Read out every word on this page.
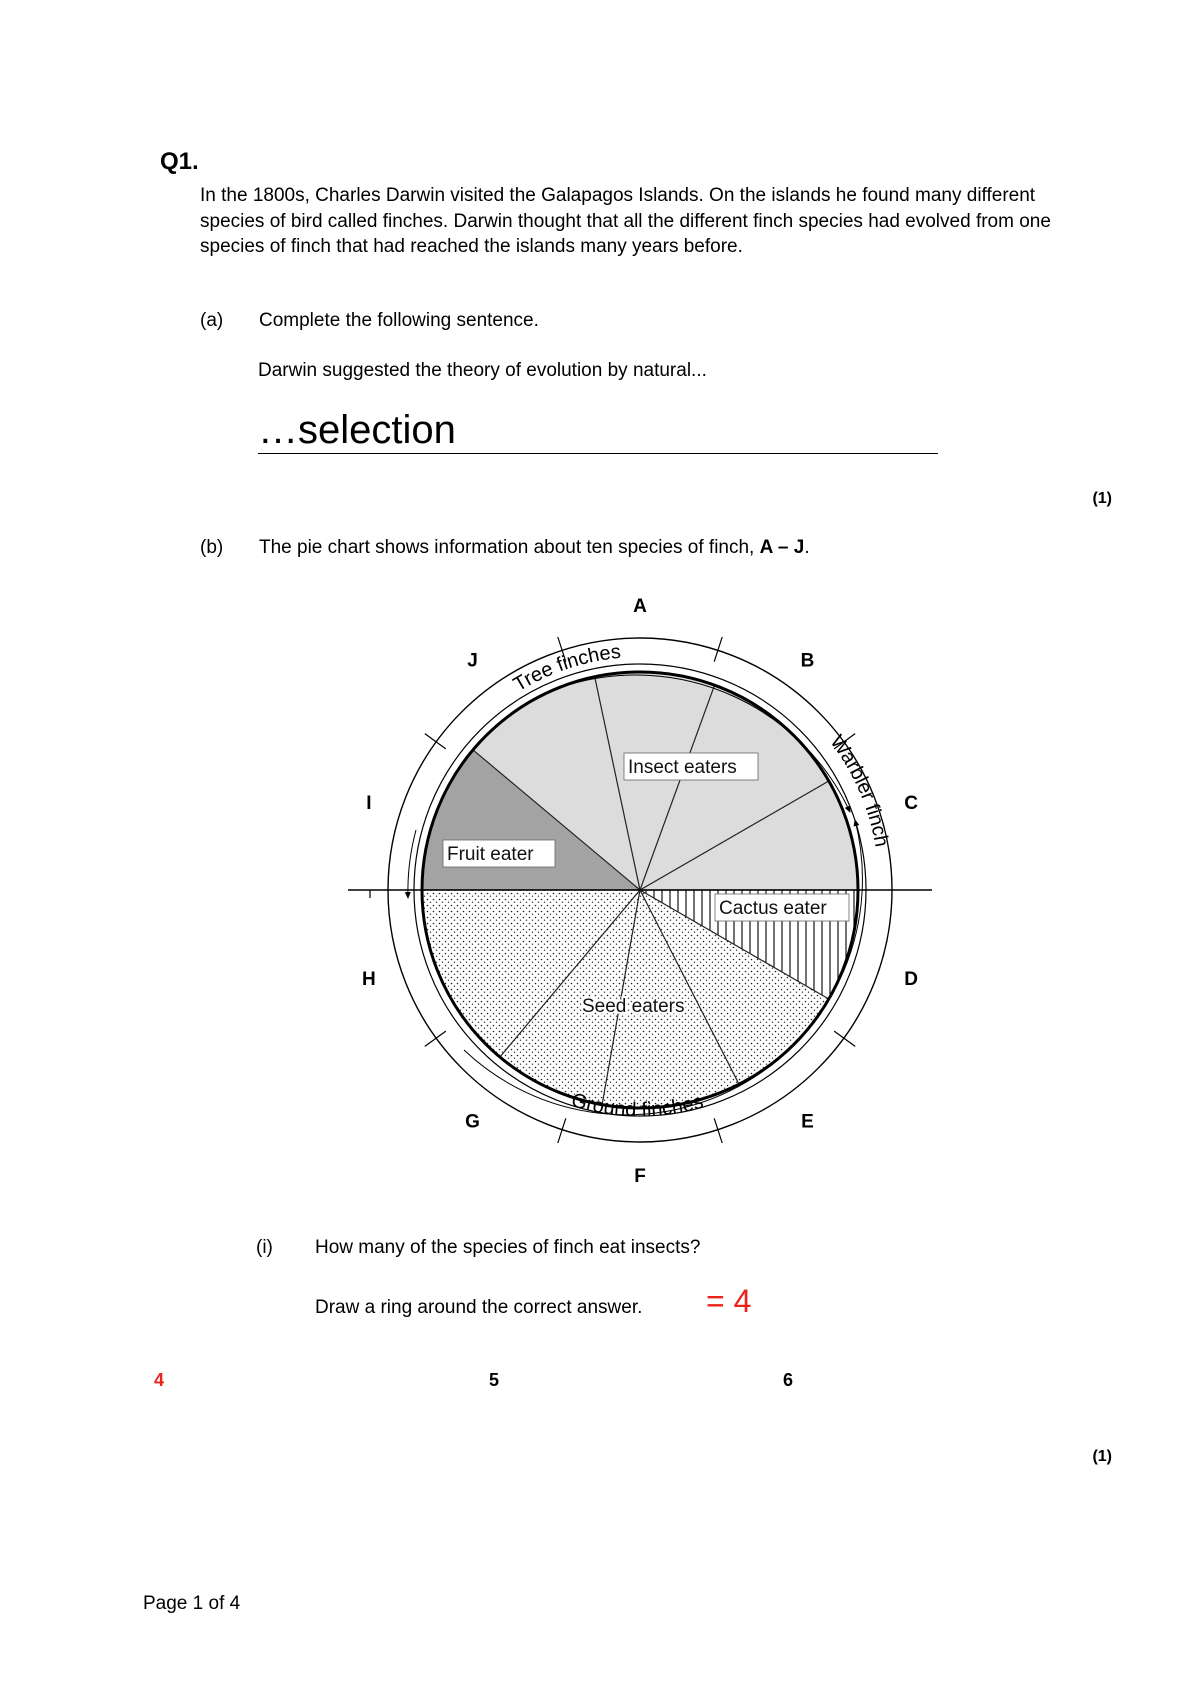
Q1.
In the 1800s, Charles Darwin visited the Galapagos Islands. On the islands he found many different species of bird called finches. Darwin thought that all the different finch species had evolved from one species of finch that had reached the islands many years before.
(a) Complete the following sentence.
Darwin suggested the theory of evolution by natural...
…selection
(1)
(b) The pie chart shows information about ten species of finch, A – J.
Tree finches
Warbler finch
Ground finches
Insect eaters
Fruit eater
Cactus eater
Seed eaters
A
B
C
D
E
F
G
H
I
J
(i) How many of the species of finch eat insects?
Draw a ring around the correct answer. = 4
4	5	6
(1)
Page 1 of 4
